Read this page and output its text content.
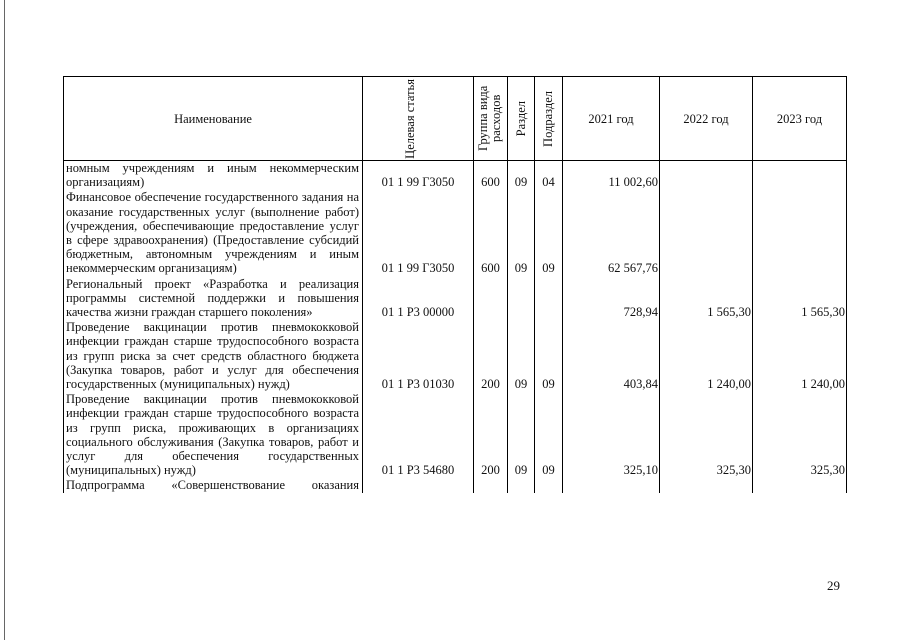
Наименование	Целевая статья	Группа вида расходов	Раздел	Подраздел	2021 год	2022 год	2023 год
номным учреждениям и иным некоммерческим организациям)	01 1 99 Г3050	600	09	04	11 002,60		
Финансовое обеспечение государственного задания на оказание государственных услуг (выполнение работ) (учреждения, обеспечивающие предоставление услуг в сфере здравоохранения) (Предоставление субсидий бюджетным, автономным учреждениям и иным некоммерческим организациям)	01 1 99 Г3050	600	09	09	62 567,76		
Региональный проект «Разработка и реализация программы системной поддержки и повышения качества жизни граждан старшего поколения»	01 1 P3 00000				728,94	1 565,30	1 565,30
Проведение вакцинации против пневмококковой инфекции граждан старше трудоспособного возраста из групп риска за счет средств областного бюджета (Закупка товаров, работ и услуг для обеспечения государственных (муниципальных) нужд)	01 1 P3 01030	200	09	09	403,84	1 240,00	1 240,00
Проведение вакцинации против пневмококковой инфекции граждан старше трудоспособного возраста из групп риска, проживающих в организациях социального обслуживания (Закупка товаров, работ и услуг для обеспечения государственных (муниципальных) нужд)	01 1 P3 54680	200	09	09	325,10	325,30	325,30
Подпрограмма «Совершенствование оказания							
29
